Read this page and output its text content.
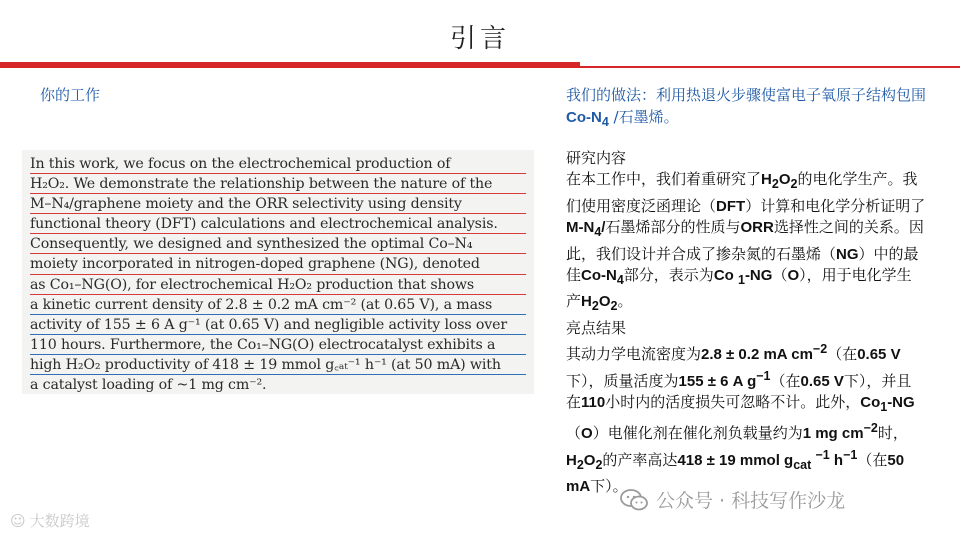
引言
你的工作	我们的做法：利用热退火步骤使富电子氧原子结构包围$Co-N_4$ /石墨烯。
In this work, we focus on the electrochemical production of
H₂O₂. We demonstrate the relationship between the nature of the
M–N₄/graphene moiety and the ORR selectivity using density
functional theory (DFT) calculations and electrochemical analysis.
Consequently, we designed and synthesized the optimal Co–N₄
moiety incorporated in nitrogen-doped graphene (NG), denoted
as Co₁–NG(O), for electrochemical H₂O₂ production that shows
a kinetic current density of 2.8 ± 0.2 mA cm⁻² (at 0.65 V), a mass
activity of 155 ± 6 A g⁻¹ (at 0.65 V) and negligible activity loss over
110 hours. Furthermore, the Co₁–NG(O) electrocatalyst exhibits a
high H₂O₂ productivity of 418 ± 19 mmol g꜀ₐₜ⁻¹ h⁻¹ (at 50 mA) with
a catalyst loading of ~1 mg cm⁻².

研究内容

在本工作中，我们着重研究了$H_2O_2$的电化学生产。我们使用密度泛函理论（DFT）计算和电化学分析证明了$M-N_4/$石墨烯部分的性质与ORR选择性之间的关系。因此，我们设计并合成了掺杂氮的石墨烯（NG）中的最佳$Co-N_4$部分，表示为Co $_1$-NG（O），用于电化学生产$H_2O_2$。

亮点结果

其动力学电流密度为2.8 ± 0.2 mA $cm^{-2}$（在0.65 V下），质量活度为155 ± 6 A $g^{-1}$（在0.65 V下），并且在110小时内的活度损失可忽略不计。此外，$Co_1-NG(O)$电催化剂在催化剂负载量约为1 mg $cm^{-2}$时，$H_2O_2$的产率高达418 ± 19 mmol $g_{cat}$ $^{-1}$ $h^{-1}$（在50 mA下）。

☺ 大数跨境
公众号 · 科技写作沙龙
